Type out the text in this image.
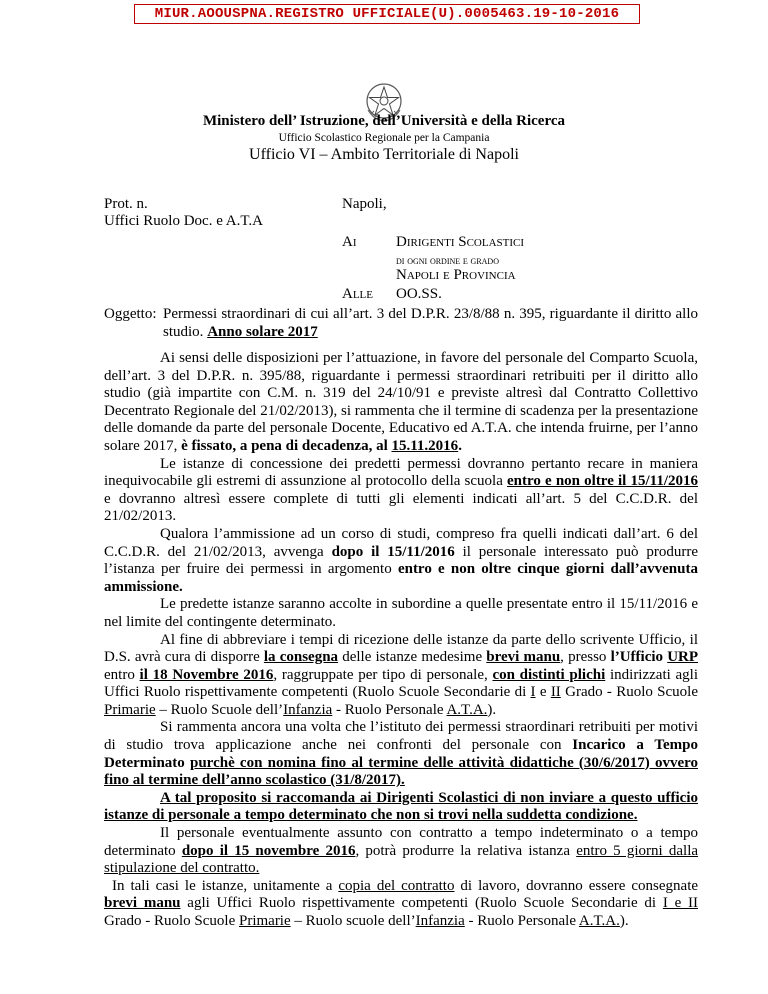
MIUR.AOOUSPNA.REGISTRO UFFICIALE(U).0005463.19-10-2016
Ministero dell’ Istruzione, dell’Università e della Ricerca
Ufficio Scolastico Regionale per la Campania
Ufficio VI – Ambito Territoriale di Napoli
Prot. n.
Uffici Ruolo Doc. e A.T.A
Napoli,
Ai	Dirigenti Scolastici
di ogni ordine e grado
Napoli e Provincia
Alle OO.SS.
Oggetto: Permessi straordinari di cui all’art. 3 del D.P.R. 23/8/88 n. 395, riguardante il diritto allo studio. Anno solare 2017

Ai sensi delle disposizioni per l’attuazione, in favore del personale del Comparto Scuola, dell’art. 3 del D.P.R. n. 395/88, riguardante i permessi straordinari retribuiti per il diritto allo studio (già impartite con C.M. n. 319 del 24/10/91 e previste altresì dal Contratto Collettivo Decentrato Regionale del 21/02/2013), si rammenta che il termine di scadenza per la presentazione delle domande da parte del personale Docente, Educativo ed A.T.A. che intenda fruirne, per l’anno solare 2017, è fissato, a pena di decadenza, al 15.11.2016.

Le istanze di concessione dei predetti permessi dovranno pertanto recare in maniera inequivocabile gli estremi di assunzione al protocollo della scuola entro e non oltre il 15/11/2016 e dovranno altresì essere complete di tutti gli elementi indicati all’art. 5 del C.C.D.R. del 21/02/2013.

Qualora l’ammissione ad un corso di studi, compreso fra quelli indicati dall’art. 6 del C.C.D.R. del 21/02/2013, avvenga dopo il 15/11/2016 il personale interessato può produrre l’istanza per fruire dei permessi in argomento entro e non oltre cinque giorni dall’avvenuta ammissione.

Le predette istanze saranno accolte in subordine a quelle presentate entro il 15/11/2016 e nel limite del contingente determinato.

Al fine di abbreviare i tempi di ricezione delle istanze da parte dello scrivente Ufficio, il D.S. avrà cura di disporre la consegna delle istanze medesime brevi manu, presso l’Ufficio URP entro il 18 Novembre 2016, raggruppate per tipo di personale, con distinti plichi indirizzati agli Uffici Ruolo rispettivamente competenti (Ruolo Scuole Secondarie di I e II Grado - Ruolo Scuole Primarie – Ruolo Scuole dell’Infanzia - Ruolo Personale A.T.A.).

Si rammenta ancora una volta che l’istituto dei permessi straordinari retribuiti per motivi di studio trova applicazione anche nei confronti del personale con Incarico a Tempo Determinato purchè con nomina fino al termine delle attività didattiche (30/6/2017) ovvero fino al termine dell’anno scolastico (31/8/2017).

A tal proposito si raccomanda ai Dirigenti Scolastici di non inviare a questo ufficio istanze di personale a tempo determinato che non si trovi nella suddetta condizione.

Il personale eventualmente assunto con contratto a tempo indeterminato o a tempo determinato dopo il 15 novembre 2016, potrà produrre la relativa istanza entro 5 giorni dalla stipulazione del contratto.

In tali casi le istanze, unitamente a copia del contratto di lavoro, dovranno essere consegnate brevi manu agli Uffici Ruolo rispettivamente competenti (Ruolo Scuole Secondarie di I e II Grado - Ruolo Scuole Primarie – Ruolo scuole dell’Infanzia - Ruolo Personale A.T.A.).
